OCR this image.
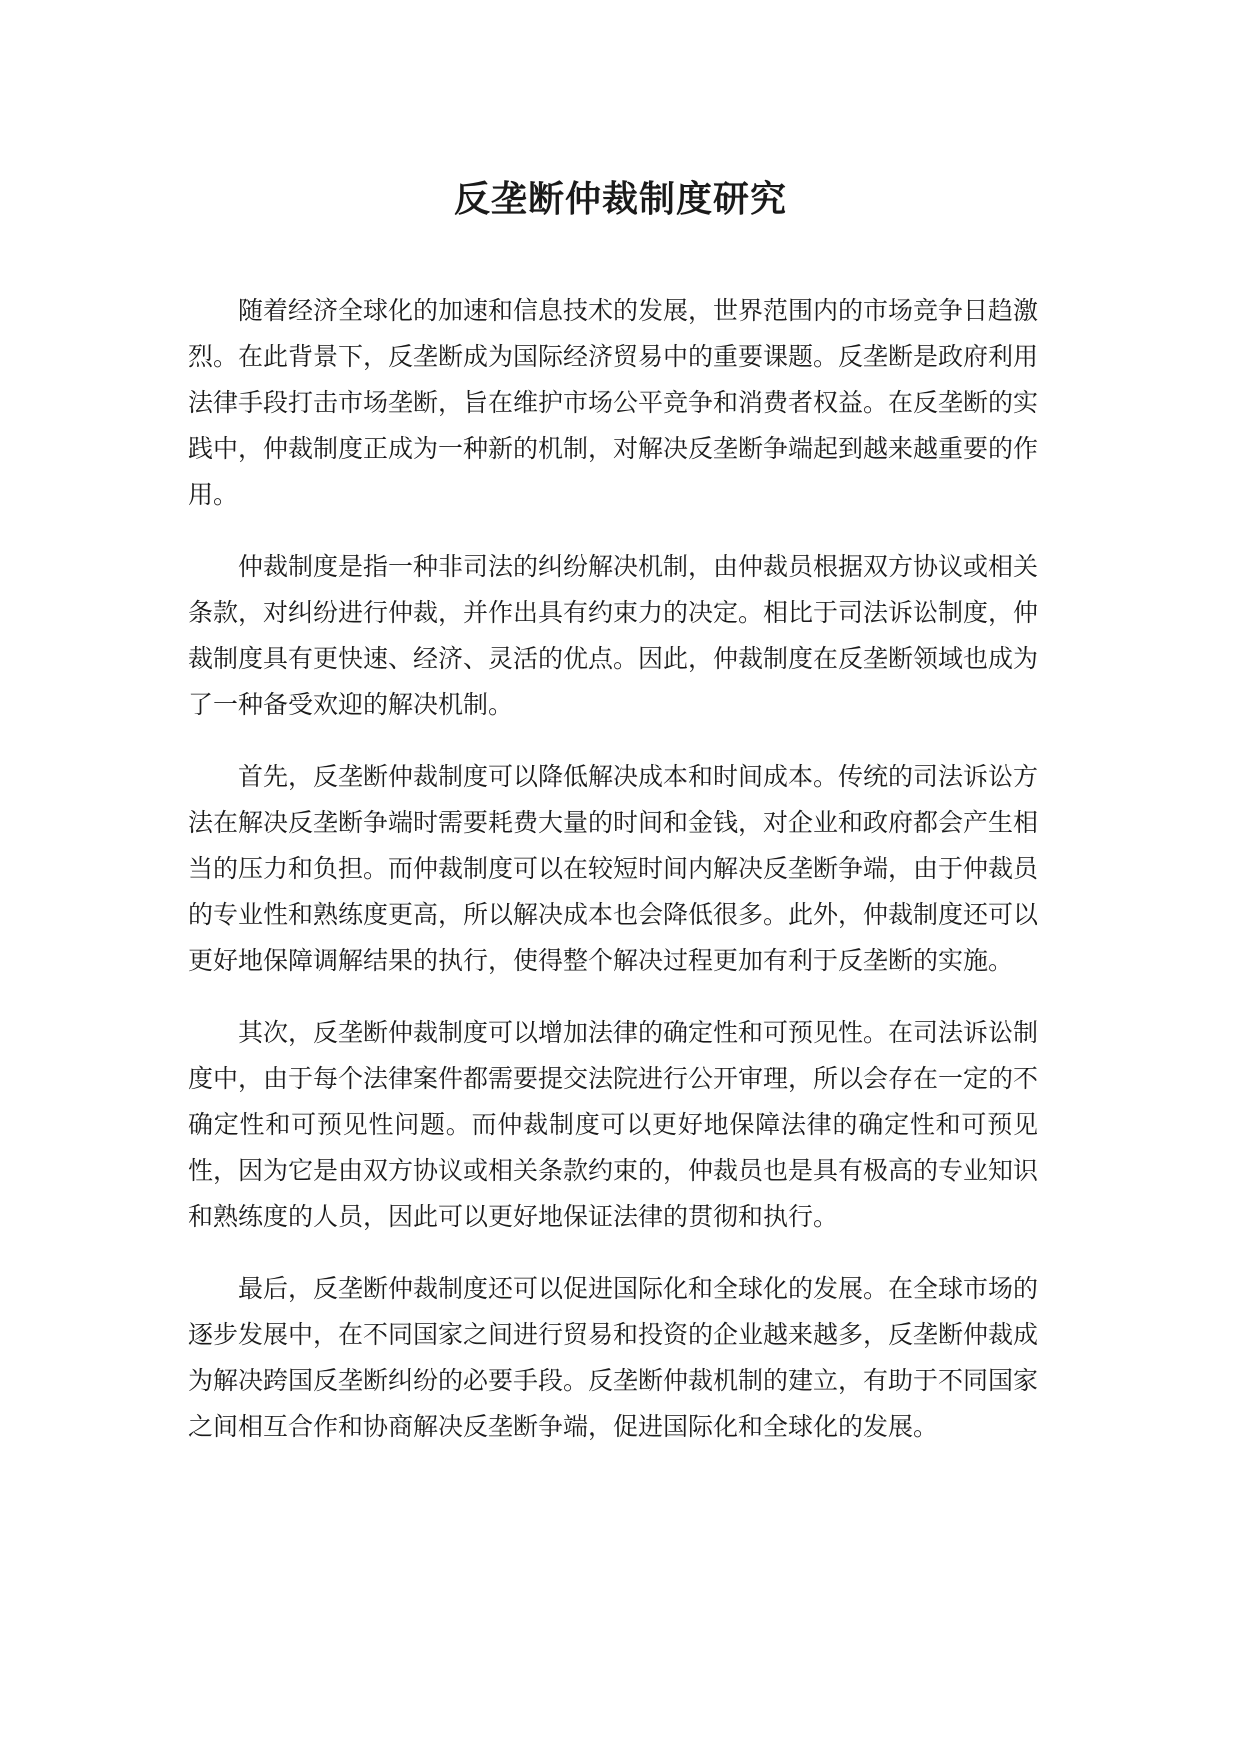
反垄断仲裁制度研究

随着经济全球化的加速和信息技术的发展，世界范围内的市场竞争日趋激烈。在此背景下，反垄断成为国际经济贸易中的重要课题。反垄断是政府利用法律手段打击市场垄断，旨在维护市场公平竞争和消费者权益。在反垄断的实践中，仲裁制度正成为一种新的机制，对解决反垄断争端起到越来越重要的作用。

仲裁制度是指一种非司法的纠纷解决机制，由仲裁员根据双方协议或相关条款，对纠纷进行仲裁，并作出具有约束力的决定。相比于司法诉讼制度，仲裁制度具有更快速、经济、灵活的优点。因此，仲裁制度在反垄断领域也成为了一种备受欢迎的解决机制。

首先，反垄断仲裁制度可以降低解决成本和时间成本。传统的司法诉讼方法在解决反垄断争端时需要耗费大量的时间和金钱，对企业和政府都会产生相当的压力和负担。而仲裁制度可以在较短时间内解决反垄断争端，由于仲裁员的专业性和熟练度更高，所以解决成本也会降低很多。此外，仲裁制度还可以更好地保障调解结果的执行，使得整个解决过程更加有利于反垄断的实施。

其次，反垄断仲裁制度可以增加法律的确定性和可预见性。在司法诉讼制度中，由于每个法律案件都需要提交法院进行公开审理，所以会存在一定的不确定性和可预见性问题。而仲裁制度可以更好地保障法律的确定性和可预见性，因为它是由双方协议或相关条款约束的，仲裁员也是具有极高的专业知识和熟练度的人员，因此可以更好地保证法律的贯彻和执行。

最后，反垄断仲裁制度还可以促进国际化和全球化的发展。在全球市场的逐步发展中，在不同国家之间进行贸易和投资的企业越来越多，反垄断仲裁成为解决跨国反垄断纠纷的必要手段。反垄断仲裁机制的建立，有助于不同国家之间相互合作和协商解决反垄断争端，促进国际化和全球化的发展。
